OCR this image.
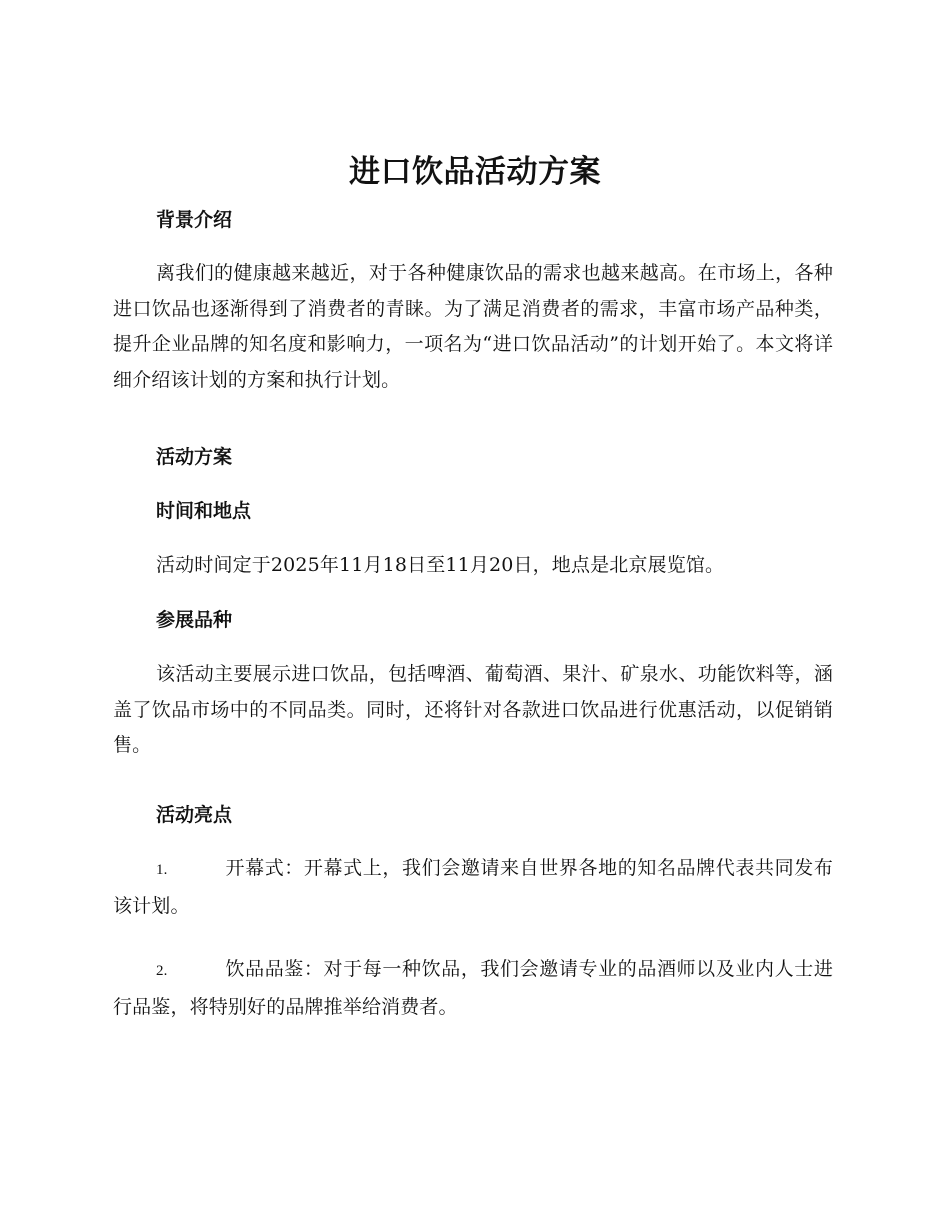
进口饮品活动方案
背景介绍
离我们的健康越来越近，对于各种健康饮品的需求也越来越高。在市场上，各种进口饮品也逐渐得到了消费者的青睐。为了满足消费者的需求，丰富市场产品种类，提升企业品牌的知名度和影响力，一项名为“进口饮品活动”的计划开始了。本文将详细介绍该计划的方案和执行计划。
活动方案
时间和地点
活动时间定于2025年11月18日至11月20日，地点是北京展览馆。
参展品种
该活动主要展示进口饮品，包括啤酒、葡萄酒、果汁、矿泉水、功能饮料等，涵盖了饮品市场中的不同品类。同时，还将针对各款进口饮品进行优惠活动，以促销销售。
活动亮点
1.	开幕式：开幕式上，我们会邀请来自世界各地的知名品牌代表共同发布该计划。
2.	饮品品鉴：对于每一种饮品，我们会邀请专业的品酒师以及业内人士进行品鉴，将特别好的品牌推举给消费者。
